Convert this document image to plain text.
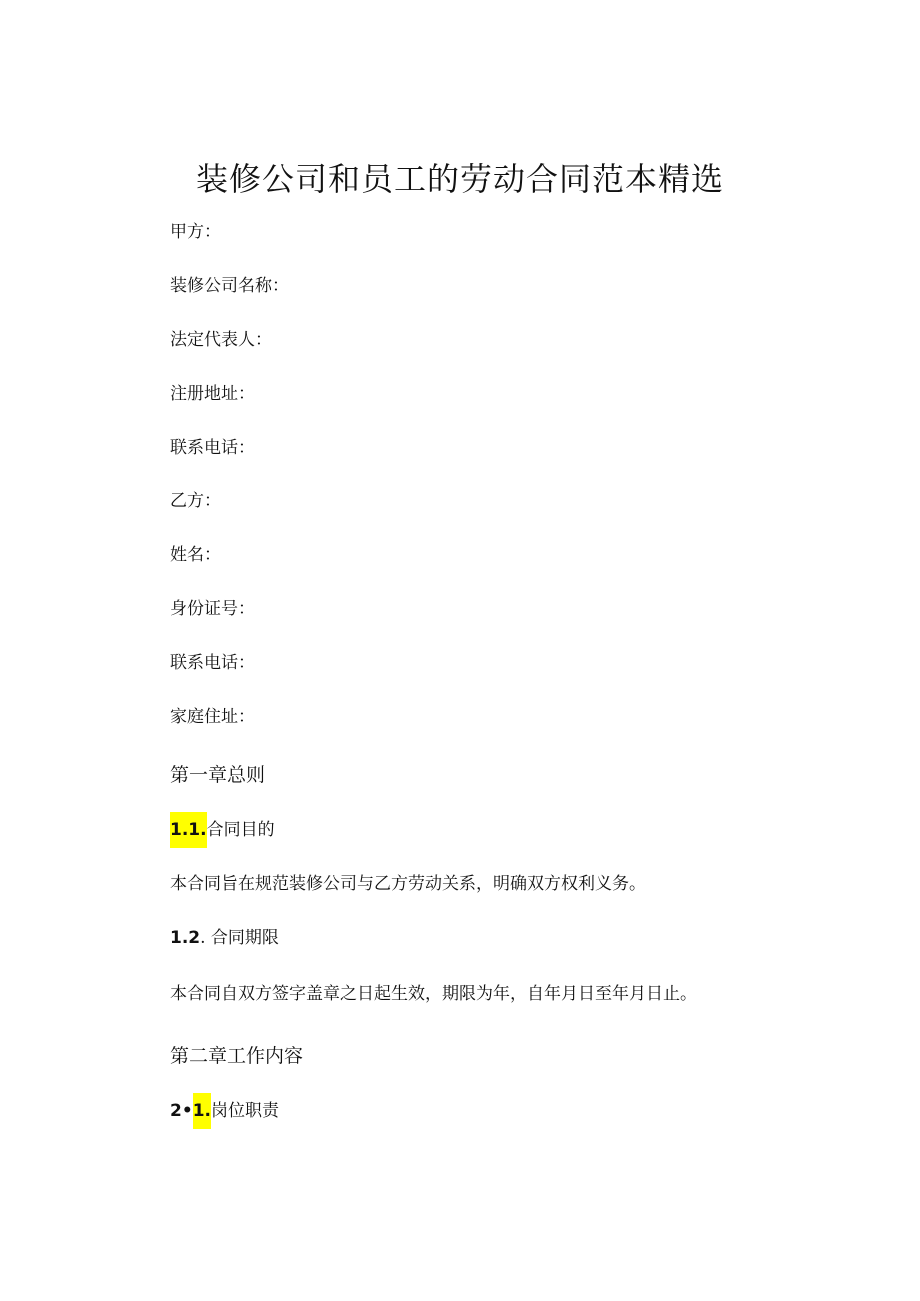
装修公司和员工的劳动合同范本精选
甲方：
装修公司名称：
法定代表人：
注册地址：
联系电话：
乙方：
姓名：
身份证号：
联系电话：
家庭住址：
第一章总则
1.1.合同目的
本合同旨在规范装修公司与乙方劳动关系，明确双方权利义务。
1.2. 合同期限
本合同自双方签字盖章之日起生效，期限为年，自年月日至年月日止。
第二章工作内容
2•1.岗位职责
